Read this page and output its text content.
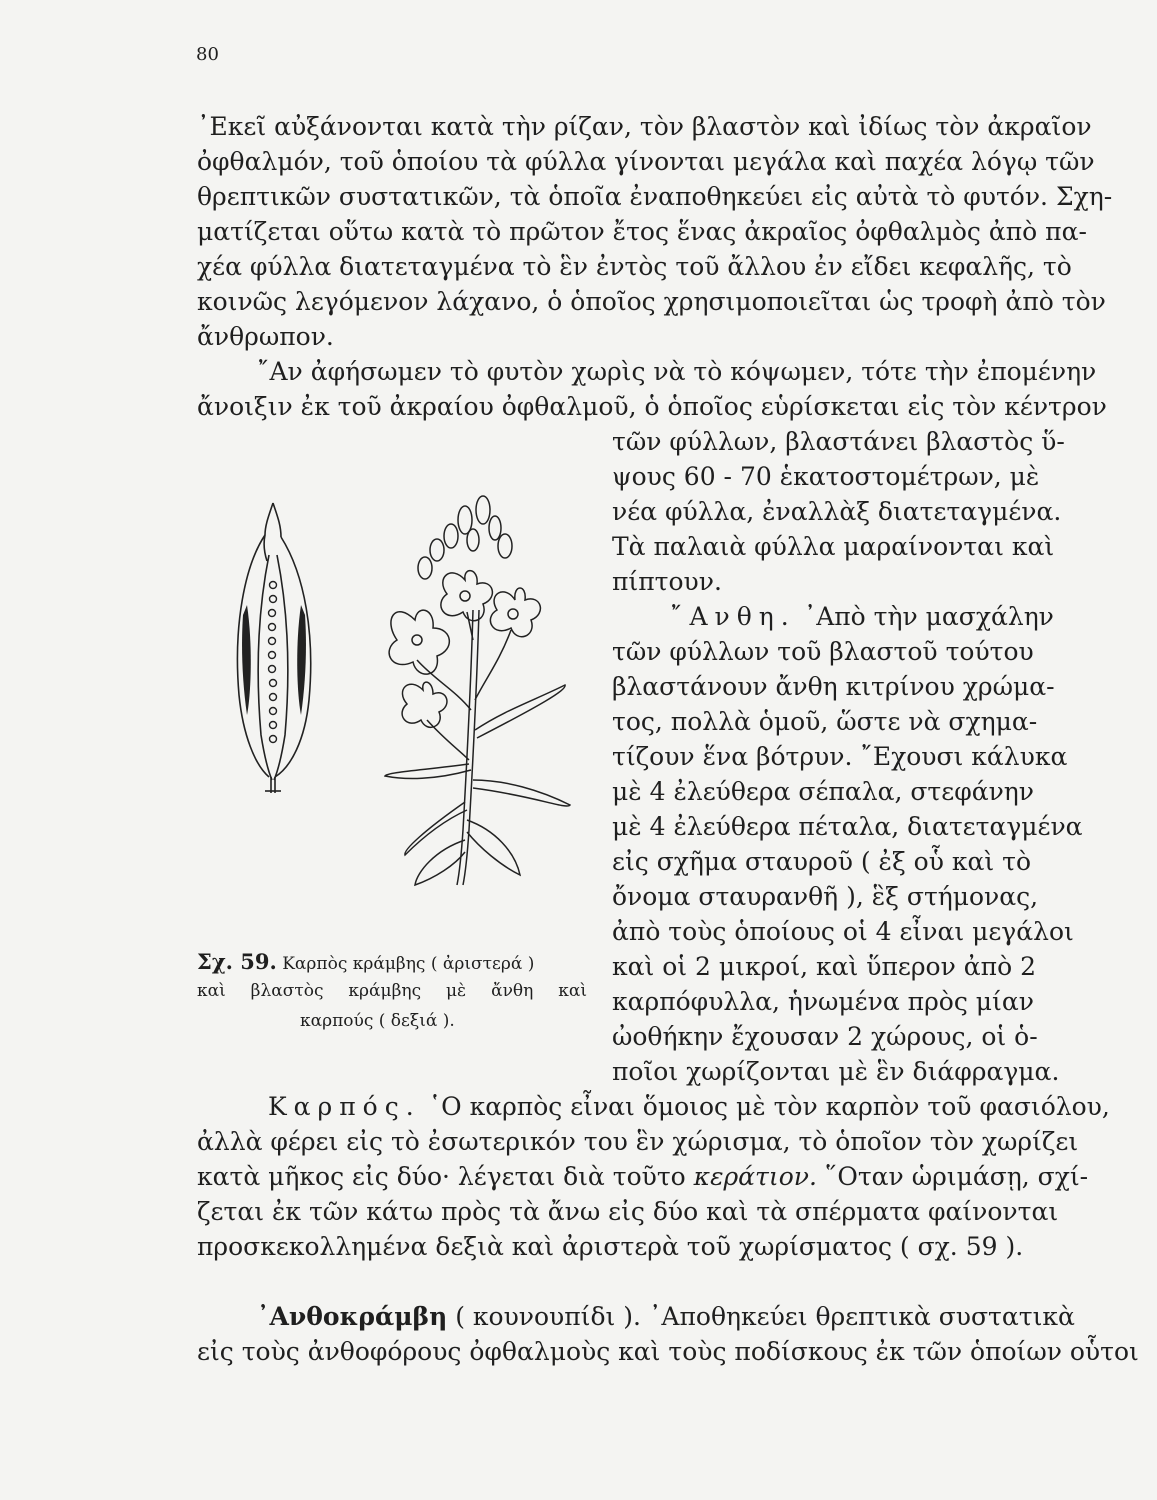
80
᾿Εκεῖ αὐξάνονται κατὰ τὴν ρίζαν, τὸν βλαστὸν καὶ ἰδίως τὸν ἀκραῖον
ὀφθαλμόν, τοῦ ὁποίου τὰ φύλλα γίνονται μεγάλα καὶ παχέα λόγῳ τῶν
θρεπτικῶν συστατικῶν, τὰ ὁποῖα ἐναποθηκεύει εἰς αὐτὰ τὸ φυτόν. Σχη-
ματίζεται οὕτω κατὰ τὸ πρῶτον ἔτος ἕνας ἀκραῖος ὀφθαλμὸς ἀπὸ πα-
χέα φύλλα διατεταγμένα τὸ ἓν ἐντὸς τοῦ ἄλλου ἐν εἴδει κεφαλῆς, τὸ
κοινῶς λεγόμενον λάχανο, ὁ ὁποῖος χρησιμοποιεῖται ὡς τροφὴ ἀπὸ τὸν
ἄνθρωπον.
῎Αν ἀφήσωμεν τὸ φυτὸν χωρὶς νὰ τὸ κόψωμεν, τότε τὴν ἐπομένην
ἄνοιξιν ἐκ τοῦ ἀκραίου ὀφθαλμοῦ, ὁ ὁποῖος εὑρίσκεται εἰς τὸν κέντρον
τῶν φύλλων, βλαστάνει βλαστὸς ὕ-
ψους 60 - 70 ἑκατοστομέτρων, μὲ
νέα φύλλα, ἐναλλὰξ διατεταγμένα.
Τὰ παλαιὰ φύλλα μαραίνονται καὶ
πίπτουν.
῎Ανθη. ᾿Απὸ τὴν μασχάλην
τῶν φύλλων τοῦ βλαστοῦ τούτου
βλαστάνουν ἄνθη κιτρίνου χρώμα-
τος, πολλὰ ὁμοῦ, ὥστε νὰ σχημα-
τίζουν ἕνα βότρυν. ῎Εχουσι κάλυκα
μὲ 4 ἐλεύθερα σέπαλα, στεφάνην
μὲ 4 ἐλεύθερα πέταλα, διατεταγμένα
εἰς σχῆμα σταυροῦ ( ἐξ οὗ καὶ τὸ
ὄνομα σταυρανθῆ ), ἓξ στήμονας,
ἀπὸ τοὺς ὁποίους οἱ 4 εἶναι μεγάλοι
καὶ οἱ 2 μικροί, καὶ ὕπερον ἀπὸ 2
καρπόφυλλα, ἡνωμένα πρὸς μίαν
ὠοθήκην ἔχουσαν 2 χώρους, οἱ ὁ-
ποῖοι χωρίζονται μὲ ἓν διάφραγμα.
Σχ. 59. Καρπὸς κράμβης ( ἀριστερά )
καὶ βλαστὸς κράμβης μὲ ἄνθη καὶ
καρπούς ( δεξιά ).
Καρπός. ῾Ο καρπὸς εἶναι ὅμοιος μὲ τὸν καρπὸν τοῦ φασιόλου,
ἀλλὰ φέρει εἰς τὸ ἐσωτερικόν του ἓν χώρισμα, τὸ ὁποῖον τὸν χωρίζει
κατὰ μῆκος εἰς δύο· λέγεται διὰ τοῦτο κεράτιον. ῞Οταν ὡριμάσῃ, σχί-
ζεται ἐκ τῶν κάτω πρὸς τὰ ἄνω εἰς δύο καὶ τὰ σπέρματα φαίνονται
προσκεκολλημένα δεξιὰ καὶ ἀριστερὰ τοῦ χωρίσματος ( σχ. 59 ).
᾿Ανθοκράμβη ( κουνουπίδι ). ᾿Αποθηκεύει θρεπτικὰ συστατικὰ
εἰς τοὺς ἀνθοφόρους ὀφθαλμοὺς καὶ τοὺς ποδίσκους ἐκ τῶν ὁποίων οὗτοι
